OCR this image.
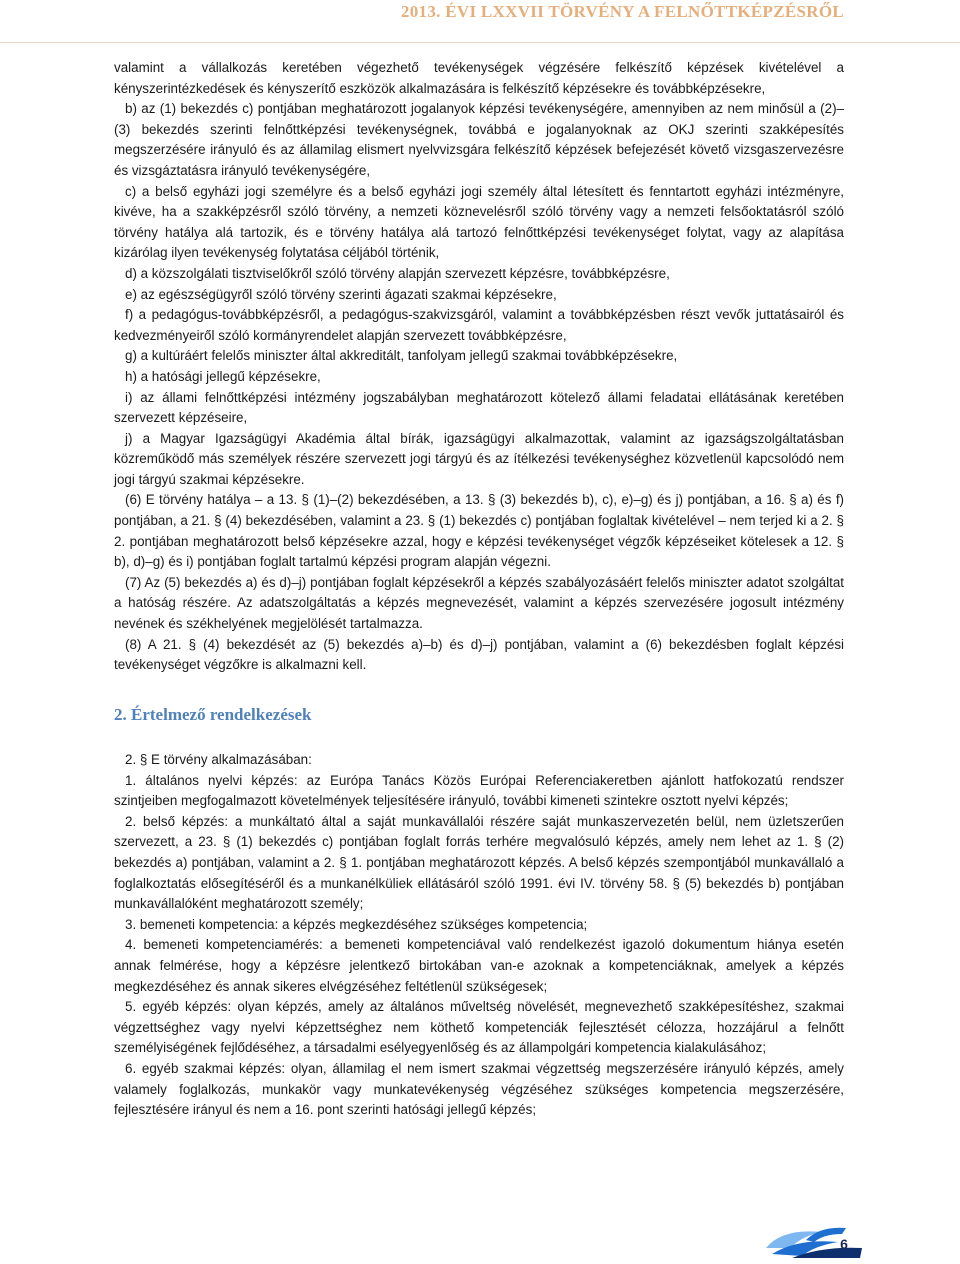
2013. ÉVI LXXVII TÖRVÉNY A FELNŐTTKÉPZÉSRŐL

valamint a vállalkozás keretében végezhető tevékenységek végzésére felkészítő képzések kivételével a kényszerintézkedések és kényszerítő eszközök alkalmazására is felkészítő képzésekre és továbbképzésekre,

b) az (1) bekezdés c) pontjában meghatározott jogalanyok képzési tevékenységére, amennyiben az nem minősül a (2)–(3) bekezdés szerinti felnőttképzési tevékenységnek, továbbá e jogalanyoknak az OKJ szerinti szakképesítés megszerzésére irányuló és az államilag elismert nyelvvizsgára felkészítő képzések befejezését követő vizsgaszervezésre és vizsgáztatásra irányuló tevékenységére,

c) a belső egyházi jogi személyre és a belső egyházi jogi személy által létesített és fenntartott egyházi intézményre, kivéve, ha a szakképzésről szóló törvény, a nemzeti köznevelésről szóló törvény vagy a nemzeti felsőoktatásról szóló törvény hatálya alá tartozik, és e törvény hatálya alá tartozó felnőttképzési tevékenységet folytat, vagy az alapítása kizárólag ilyen tevékenység folytatása céljából történik,

d) a közszolgálati tisztviselőkről szóló törvény alapján szervezett képzésre, továbbképzésre,

e) az egészségügyről szóló törvény szerinti ágazati szakmai képzésekre,

f) a pedagógus-továbbképzésről, a pedagógus-szakvizsgáról, valamint a továbbképzésben részt vevők juttatásairól és kedvezményeiről szóló kormányrendelet alapján szervezett továbbképzésre,

g) a kultúráért felelős miniszter által akkreditált, tanfolyam jellegű szakmai továbbképzésekre,

h) a hatósági jellegű képzésekre,

i) az állami felnőttképzési intézmény jogszabályban meghatározott kötelező állami feladatai ellátásának keretében szervezett képzéseire,

j) a Magyar Igazságügyi Akadémia által bírák, igazságügyi alkalmazottak, valamint az igazságszolgáltatásban közreműködő más személyek részére szervezett jogi tárgyú és az ítélkezési tevékenységhez közvetlenül kapcsolódó nem jogi tárgyú szakmai képzésekre.

(6) E törvény hatálya – a 13. § (1)–(2) bekezdésében, a 13. § (3) bekezdés b), c), e)–g) és j) pontjában, a 16. § a) és f) pontjában, a 21. § (4) bekezdésében, valamint a 23. § (1) bekezdés c) pontjában foglaltak kivételével – nem terjed ki a 2. § 2. pontjában meghatározott belső képzésekre azzal, hogy e képzési tevékenységet végzők képzéseiket kötelesek a 12. § b), d)–g) és i) pontjában foglalt tartalmú képzési program alapján végezni.

(7) Az (5) bekezdés a) és d)–j) pontjában foglalt képzésekről a képzés szabályozásáért felelős miniszter adatot szolgáltat a hatóság részére. Az adatszolgáltatás a képzés megnevezését, valamint a képzés szervezésére jogosult intézmény nevének és székhelyének megjelölését tartalmazza.

(8) A 21. § (4) bekezdését az (5) bekezdés a)–b) és d)–j) pontjában, valamint a (6) bekezdésben foglalt képzési tevékenységet végzőkre is alkalmazni kell.

2. Értelmező rendelkezések

2. § E törvény alkalmazásában:

1. általános nyelvi képzés: az Európa Tanács Közös Európai Referenciakeretben ajánlott hatfokozatú rendszer szintjeiben megfogalmazott követelmények teljesítésére irányuló, további kimeneti szintekre osztott nyelvi képzés;

2. belső képzés: a munkáltató által a saját munkavállalói részére saját munkaszervezetén belül, nem üzletszerűen szervezett, a 23. § (1) bekezdés c) pontjában foglalt forrás terhére megvalósuló képzés, amely nem lehet az 1. § (2) bekezdés a) pontjában, valamint a 2. § 1. pontjában meghatározott képzés. A belső képzés szempontjából munkavállaló a foglalkoztatás elősegítéséről és a munkanélküliek ellátásáról szóló 1991. évi IV. törvény 58. § (5) bekezdés b) pontjában munkavállalóként meghatározott személy;

3. bemeneti kompetencia: a képzés megkezdéséhez szükséges kompetencia;

4. bemeneti kompetenciamérés: a bemeneti kompetenciával való rendelkezést igazoló dokumentum hiánya esetén annak felmérése, hogy a képzésre jelentkező birtokában van-e azoknak a kompetenciáknak, amelyek a képzés megkezdéséhez és annak sikeres elvégzéséhez feltétlenül szükségesek;

5. egyéb képzés: olyan képzés, amely az általános műveltség növelését, megnevezhető szakképesítéshez, szakmai végzettséghez vagy nyelvi képzettséghez nem köthető kompetenciák fejlesztését célozza, hozzájárul a felnőtt személyiségének fejlődéséhez, a társadalmi esélyegyenlőség és az állampolgári kompetencia kialakulásához;

6. egyéb szakmai képzés: olyan, államilag el nem ismert szakmai végzettség megszerzésére irányuló képzés, amely valamely foglalkozás, munkakör vagy munkatevékenység végzéséhez szükséges kompetencia megszerzésére, fejlesztésére irányul és nem a 16. pont szerinti hatósági jellegű képzés;

6
